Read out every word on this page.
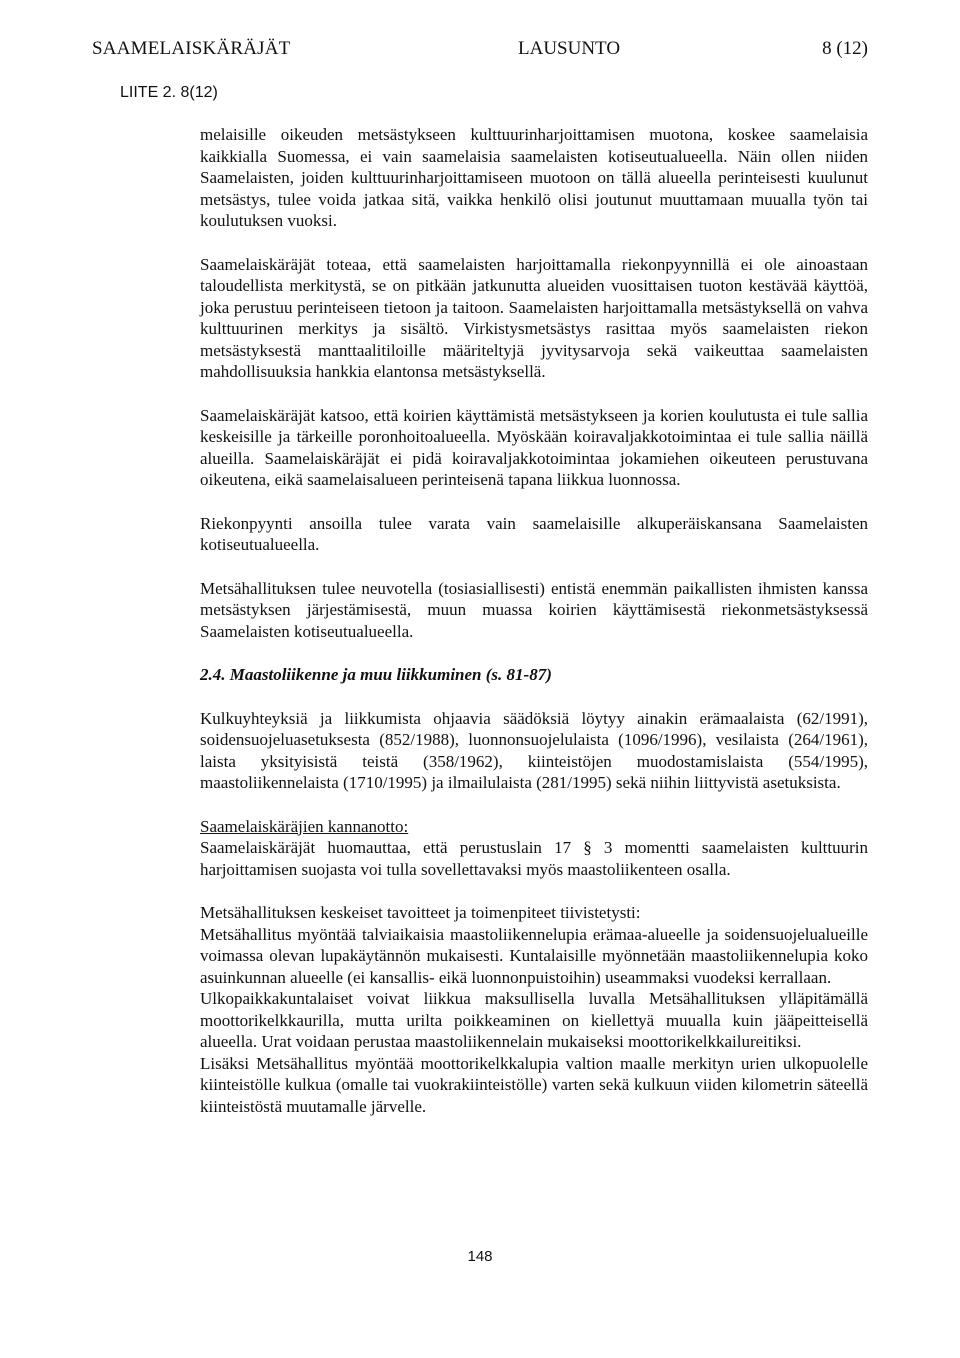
SAAMELAISKÄRÄJÄT	LAUSUNTO	8 (12)
LIITE 2. 8(12)

melaisille oikeuden metsästykseen kulttuurinharjoittamisen muotona, koskee saamelaisia kaikkialla Suomessa, ei vain saamelaisia saamelaisten kotiseutualueella. Näin ollen niiden Saamelaisten, joiden kulttuurinharjoittamiseen muotoon on tällä alueella perinteisesti kuulunut metsästys, tulee voida jatkaa sitä, vaikka henkilö olisi joutunut muuttamaan muualla työn tai koulutuksen vuoksi.

Saamelaiskäräjät toteaa, että saamelaisten harjoittamalla riekonpyynnillä ei ole ainoastaan taloudellista merkitystä, se on pitkään jatkunutta alueiden vuosittaisen tuoton kestävää käyttöä, joka perustuu perinteiseen tietoon ja taitoon. Saamelaisten harjoittamalla metsästyksellä on vahva kulttuurinen merkitys ja sisältö. Virkistysmetsästys rasittaa myös saamelaisten riekon metsästyksestä manttaalitiloille määriteltyjä jyvitysarvoja sekä vaikeuttaa saamelaisten mahdollisuuksia hankkia elantonsa metsästyksellä.

Saamelaiskäräjät katsoo, että koirien käyttämistä metsästykseen ja korien koulutusta ei tule sallia keskeisille ja tärkeille poronhoitoalueella. Myöskään koiravaljakkotoimintaa ei tule sallia näillä alueilla. Saamelaiskäräjät ei pidä koiravaljakkotoimintaa jokamiehen oikeuteen perustuvana oikeutena, eikä saamelaisalueen perinteisenä tapana liikkua luonnossa.

Riekonpyynti ansoilla tulee varata vain saamelaisille alkuperäiskansana Saamelaisten kotiseutualueella.

Metsähallituksen tulee neuvotella (tosiasiallisesti) entistä enemmän paikallisten ihmisten kanssa metsästyksen järjestämisestä, muun muassa koirien käyttämisestä riekonmetsästyksessä Saamelaisten kotiseutualueella.

2.4. Maastoliikenne ja muu liikkuminen (s. 81-87)

Kulkuyhteyksiä ja liikkumista ohjaavia säädöksiä löytyy ainakin erämaalaista (62/1991), soidensuojeluasetuksesta (852/1988), luonnonsuojelulaista (1096/1996), vesilaista (264/1961), laista yksityisistä teistä (358/1962), kiinteistöjen muodostamislaista (554/1995), maastoliikennelaista (1710/1995) ja ilmailulaista (281/1995) sekä niihin liittyvistä asetuksista.

Saamelaiskäräjien kannanotto:

Saamelaiskäräjät huomauttaa, että perustuslain 17 § 3 momentti saamelaisten kulttuurin harjoittamisen suojasta voi tulla sovellettavaksi myös maastoliikenteen osalla.

Metsähallituksen keskeiset tavoitteet ja toimenpiteet tiivistetysti:

Metsähallitus myöntää talviaikaisia maastoliikennelupia erämaa-alueelle ja soidensuojelualueille voimassa olevan lupakäytännön mukaisesti. Kuntalaisille myönnetään maastoliikennelupia koko asuinkunnan alueelle (ei kansallis- eikä luonnonpuistoihin) useammaksi vuodeksi kerrallaan.

Ulkopaikkakuntalaiset voivat liikkua maksullisella luvalla Metsähallituksen ylläpitämällä moottorikelkkaurilla, mutta urilta poikkeaminen on kiellettyä muualla kuin jääpeitteisellä alueella. Urat voidaan perustaa maastoliikennelain mukaiseksi moottorikelkkailureitiksi.

Lisäksi Metsähallitus myöntää moottorikelkkalupia valtion maalle merkityn urien ulkopuolelle kiinteistölle kulkua (omalle tai vuokrakiinteistölle) varten sekä kulkuun viiden kilometrin säteellä kiinteistöstä muutamalle järvelle.

148
